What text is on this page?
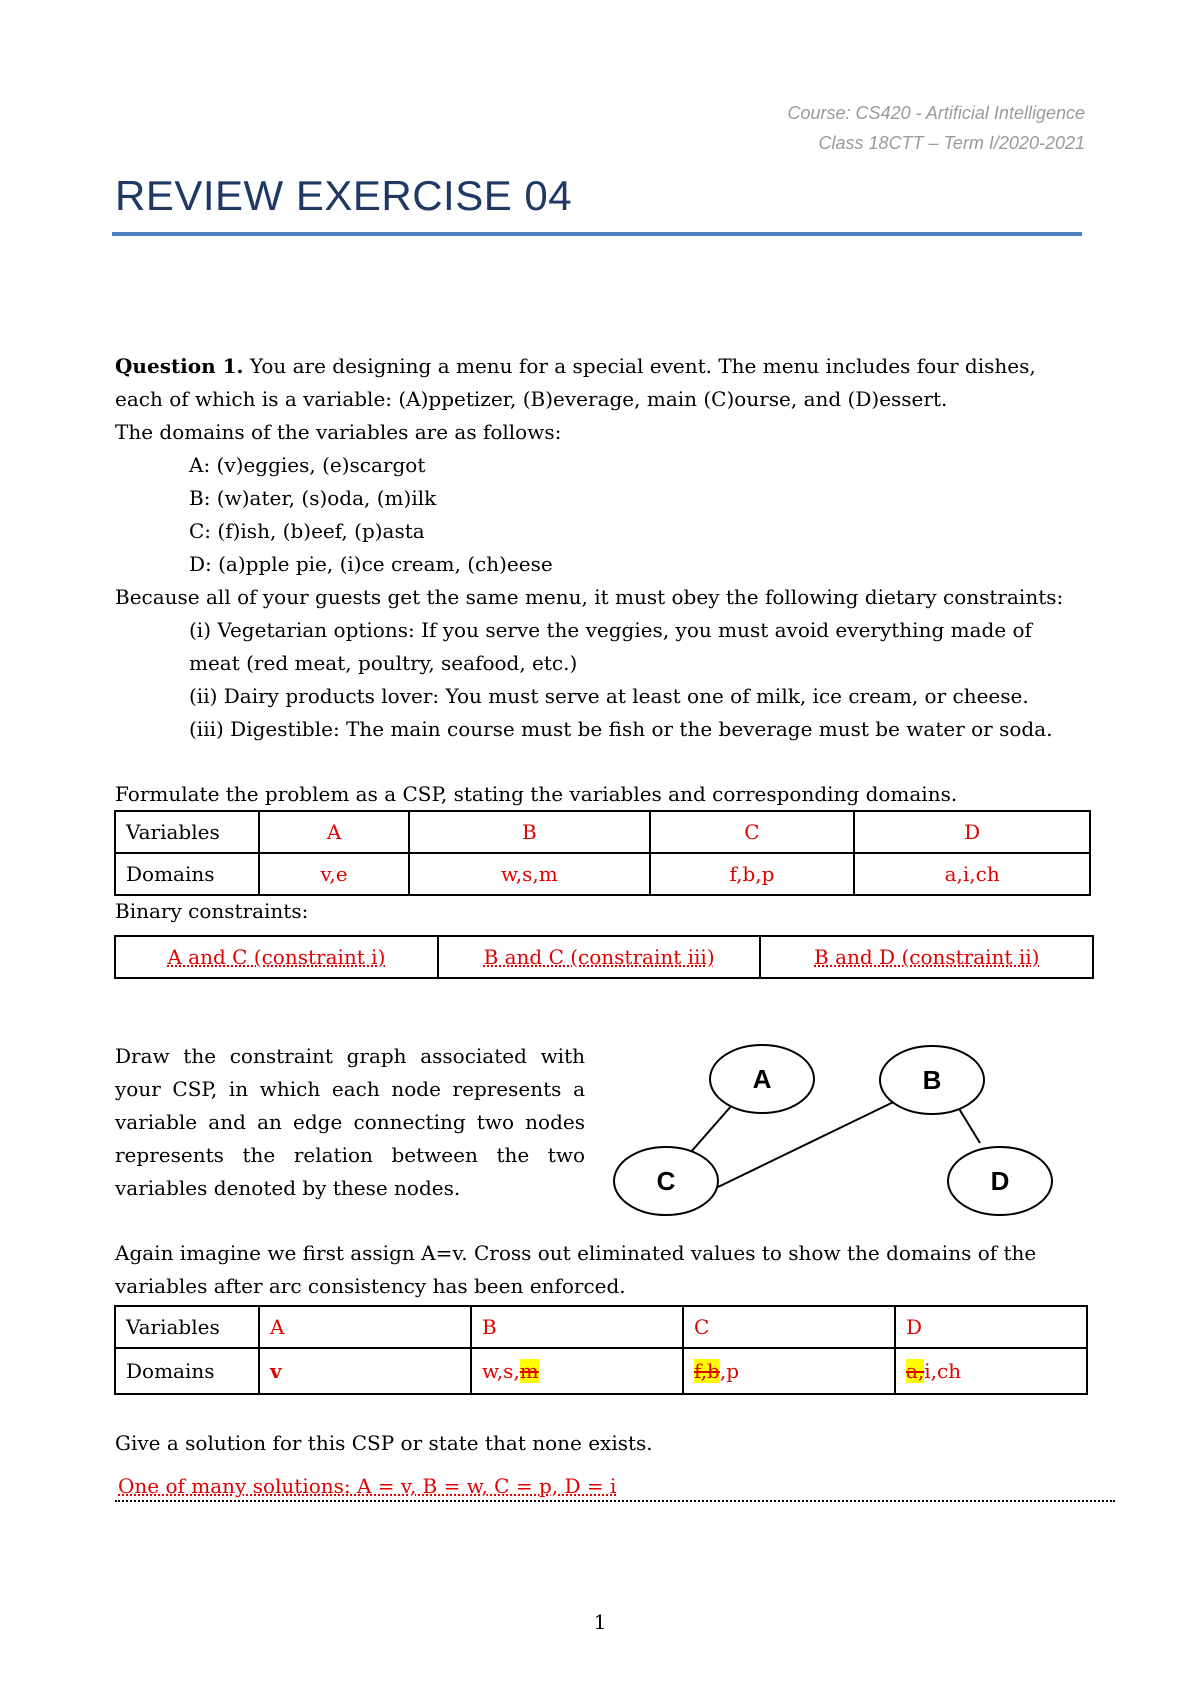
Course: CS420 - Artificial Intelligence
Class 18CTT – Term I/2020-2021
REVIEW EXERCISE 04
Question 1. You are designing a menu for a special event. The menu includes four dishes,
each of which is a variable: (A)ppetizer, (B)everage, main (C)ourse, and (D)essert.
The domains of the variables are as follows:
A: (v)eggies, (e)scargot
B: (w)ater, (s)oda, (m)ilk
C: (f)ish, (b)eef, (p)asta
D: (a)pple pie, (i)ce cream, (ch)eese
Because all of your guests get the same menu, it must obey the following dietary constraints:
(i) Vegetarian options: If you serve the veggies, you must avoid everything made of
meat (red meat, poultry, seafood, etc.)
(ii) Dairy products lover: You must serve at least one of milk, ice cream, or cheese.
(iii) Digestible: The main course must be fish or the beverage must be water or soda.
Formulate the problem as a CSP, stating the variables and corresponding domains.
Variables	A	B	C	D
Domains	v,e	w,s,m	f,b,p	a,i,ch
Binary constraints:
A and C (constraint i)	B and C (constraint iii)	B and D (constraint ii)
Draw the constraint graph associated with
your CSP, in which each node represents a
variable and an edge connecting two nodes
represents the relation between the two
variables denoted by these nodes.
A	B
C	D
Again imagine we first assign A=v. Cross out eliminated values to show the domains of the
variables after arc consistency has been enforced.
Variables	A	B	C	D
Domains	v	w,s,m	f,b,p	a,i,ch
Give a solution for this CSP or state that none exists.
One of many solutions: A = v, B = w, C = p, D = i
1
